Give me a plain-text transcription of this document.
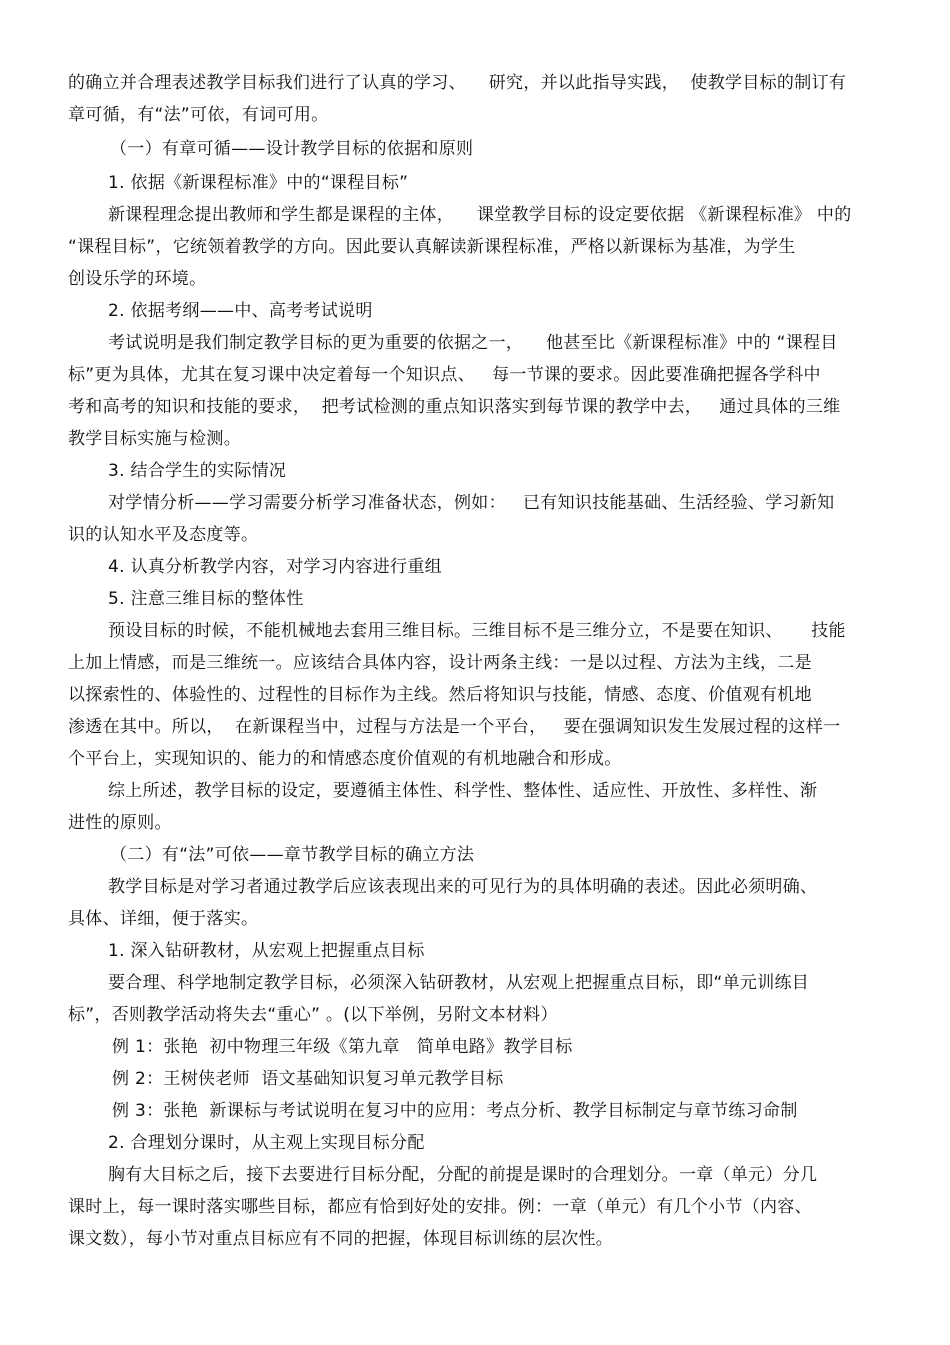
的确立并合理表述教学目标我们进行了认真的学习、    研究，并以此指导实践，  使教学目标的制订有
章可循，有“法”可依，有词可用。
（一）有章可循——设计教学目标的依据和原则
1. 依据《新课程标准》中的“课程目标”
新课程理念提出教师和学生都是课程的主体，    课堂教学目标的设定要依据 《新课程标准》 中的
“课程目标”，它统领着教学的方向。因此要认真解读新课程标准，严格以新课标为基准，为学生
创设乐学的环境。
2. 依据考纲——中、高考考试说明
考试说明是我们制定教学目标的更为重要的依据之一，    他甚至比《新课程标准》中的 “课程目
标”更为具体，尤其在复习课中决定着每一个知识点、   每一节课的要求。因此要准确把握各学科中
考和高考的知识和技能的要求，  把考试检测的重点知识落实到每节课的教学中去，   通过具体的三维
教学目标实施与检测。
3. 结合学生的实际情况
对学情分析——学习需要分析学习准备状态，例如：   已有知识技能基础、生活经验、学习新知
识的认知水平及态度等。
4. 认真分析教学内容，对学习内容进行重组
5. 注意三维目标的整体性
预设目标的时候，不能机械地去套用三维目标。三维目标不是三维分立，不是要在知识、     技能
上加上情感，而是三维统一。应该结合具体内容，设计两条主线：一是以过程、方法为主线，二是
以探索性的、体验性的、过程性的目标作为主线。然后将知识与技能，情感、态度、价值观有机地
渗透在其中。所以，  在新课程当中，过程与方法是一个平台，   要在强调知识发生发展过程的这样一
个平台上，实现知识的、能力的和情感态度价值观的有机地融合和形成。
综上所述，教学目标的设定，要遵循主体性、科学性、整体性、适应性、开放性、多样性、渐
进性的原则。
（二）有“法”可依——章节教学目标的确立方法
教学目标是对学习者通过教学后应该表现出来的可见行为的具体明确的表述。因此必须明确、
具体、详细，便于落实。
1. 深入钻研教材，从宏观上把握重点目标
要合理、科学地制定教学目标，必须深入钻研教材，从宏观上把握重点目标，即“单元训练目
标”，否则教学活动将失去“重心” 。(以下举例，另附文本材料）
例 1：张艳  初中物理三年级《第九章   简单电路》教学目标
例 2：王树侠老师  语文基础知识复习单元教学目标
例 3：张艳  新课标与考试说明在复习中的应用：考点分析、教学目标制定与章节练习命制
2. 合理划分课时，从主观上实现目标分配
胸有大目标之后，接下去要进行目标分配，分配的前提是课时的合理划分。一章（单元）分几
课时上，每一课时落实哪些目标，都应有恰到好处的安排。例：一章（单元）有几个小节（内容、
课文数），每小节对重点目标应有不同的把握，体现目标训练的层次性。
